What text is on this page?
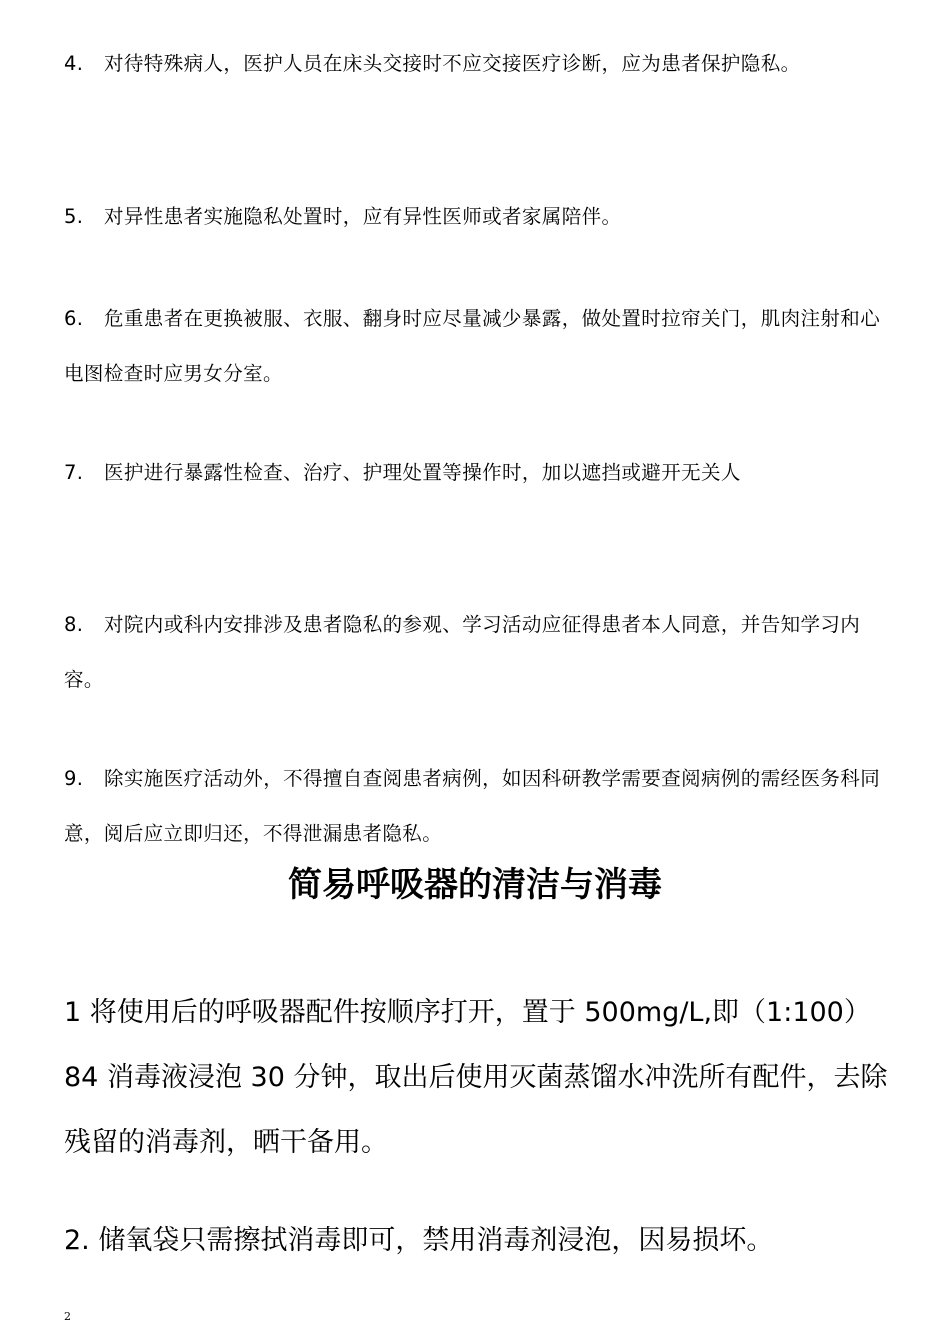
4. 对待特殊病人，医护人员在床头交接时不应交接医疗诊断，应为患者保护隐私。

5. 对异性患者实施隐私处置时，应有异性医师或者家属陪伴。

6. 危重患者在更换被服、衣服、翻身时应尽量减少暴露，做处置时拉帘关门，肌肉注射和心电图检查时应男女分室。

7. 医护进行暴露性检查、治疗、护理处置等操作时，加以遮挡或避开无关人

8. 对院内或科内安排涉及患者隐私的参观、学习活动应征得患者本人同意，并告知学习内容。

9. 除实施医疗活动外，不得擅自查阅患者病例，如因科研教学需要查阅病例的需经医务科同意，阅后应立即归还，不得泄漏患者隐私。

简易呼吸器的清洁与消毒

1 将使用后的呼吸器配件按顺序打开，置于 500mg/L,即（1:100）84 消毒液浸泡 30 分钟，取出后使用灭菌蒸馏水冲洗所有配件，去除残留的消毒剂，晒干备用。

2. 储氧袋只需擦拭消毒即可，禁用消毒剂浸泡，因易损坏。

2
